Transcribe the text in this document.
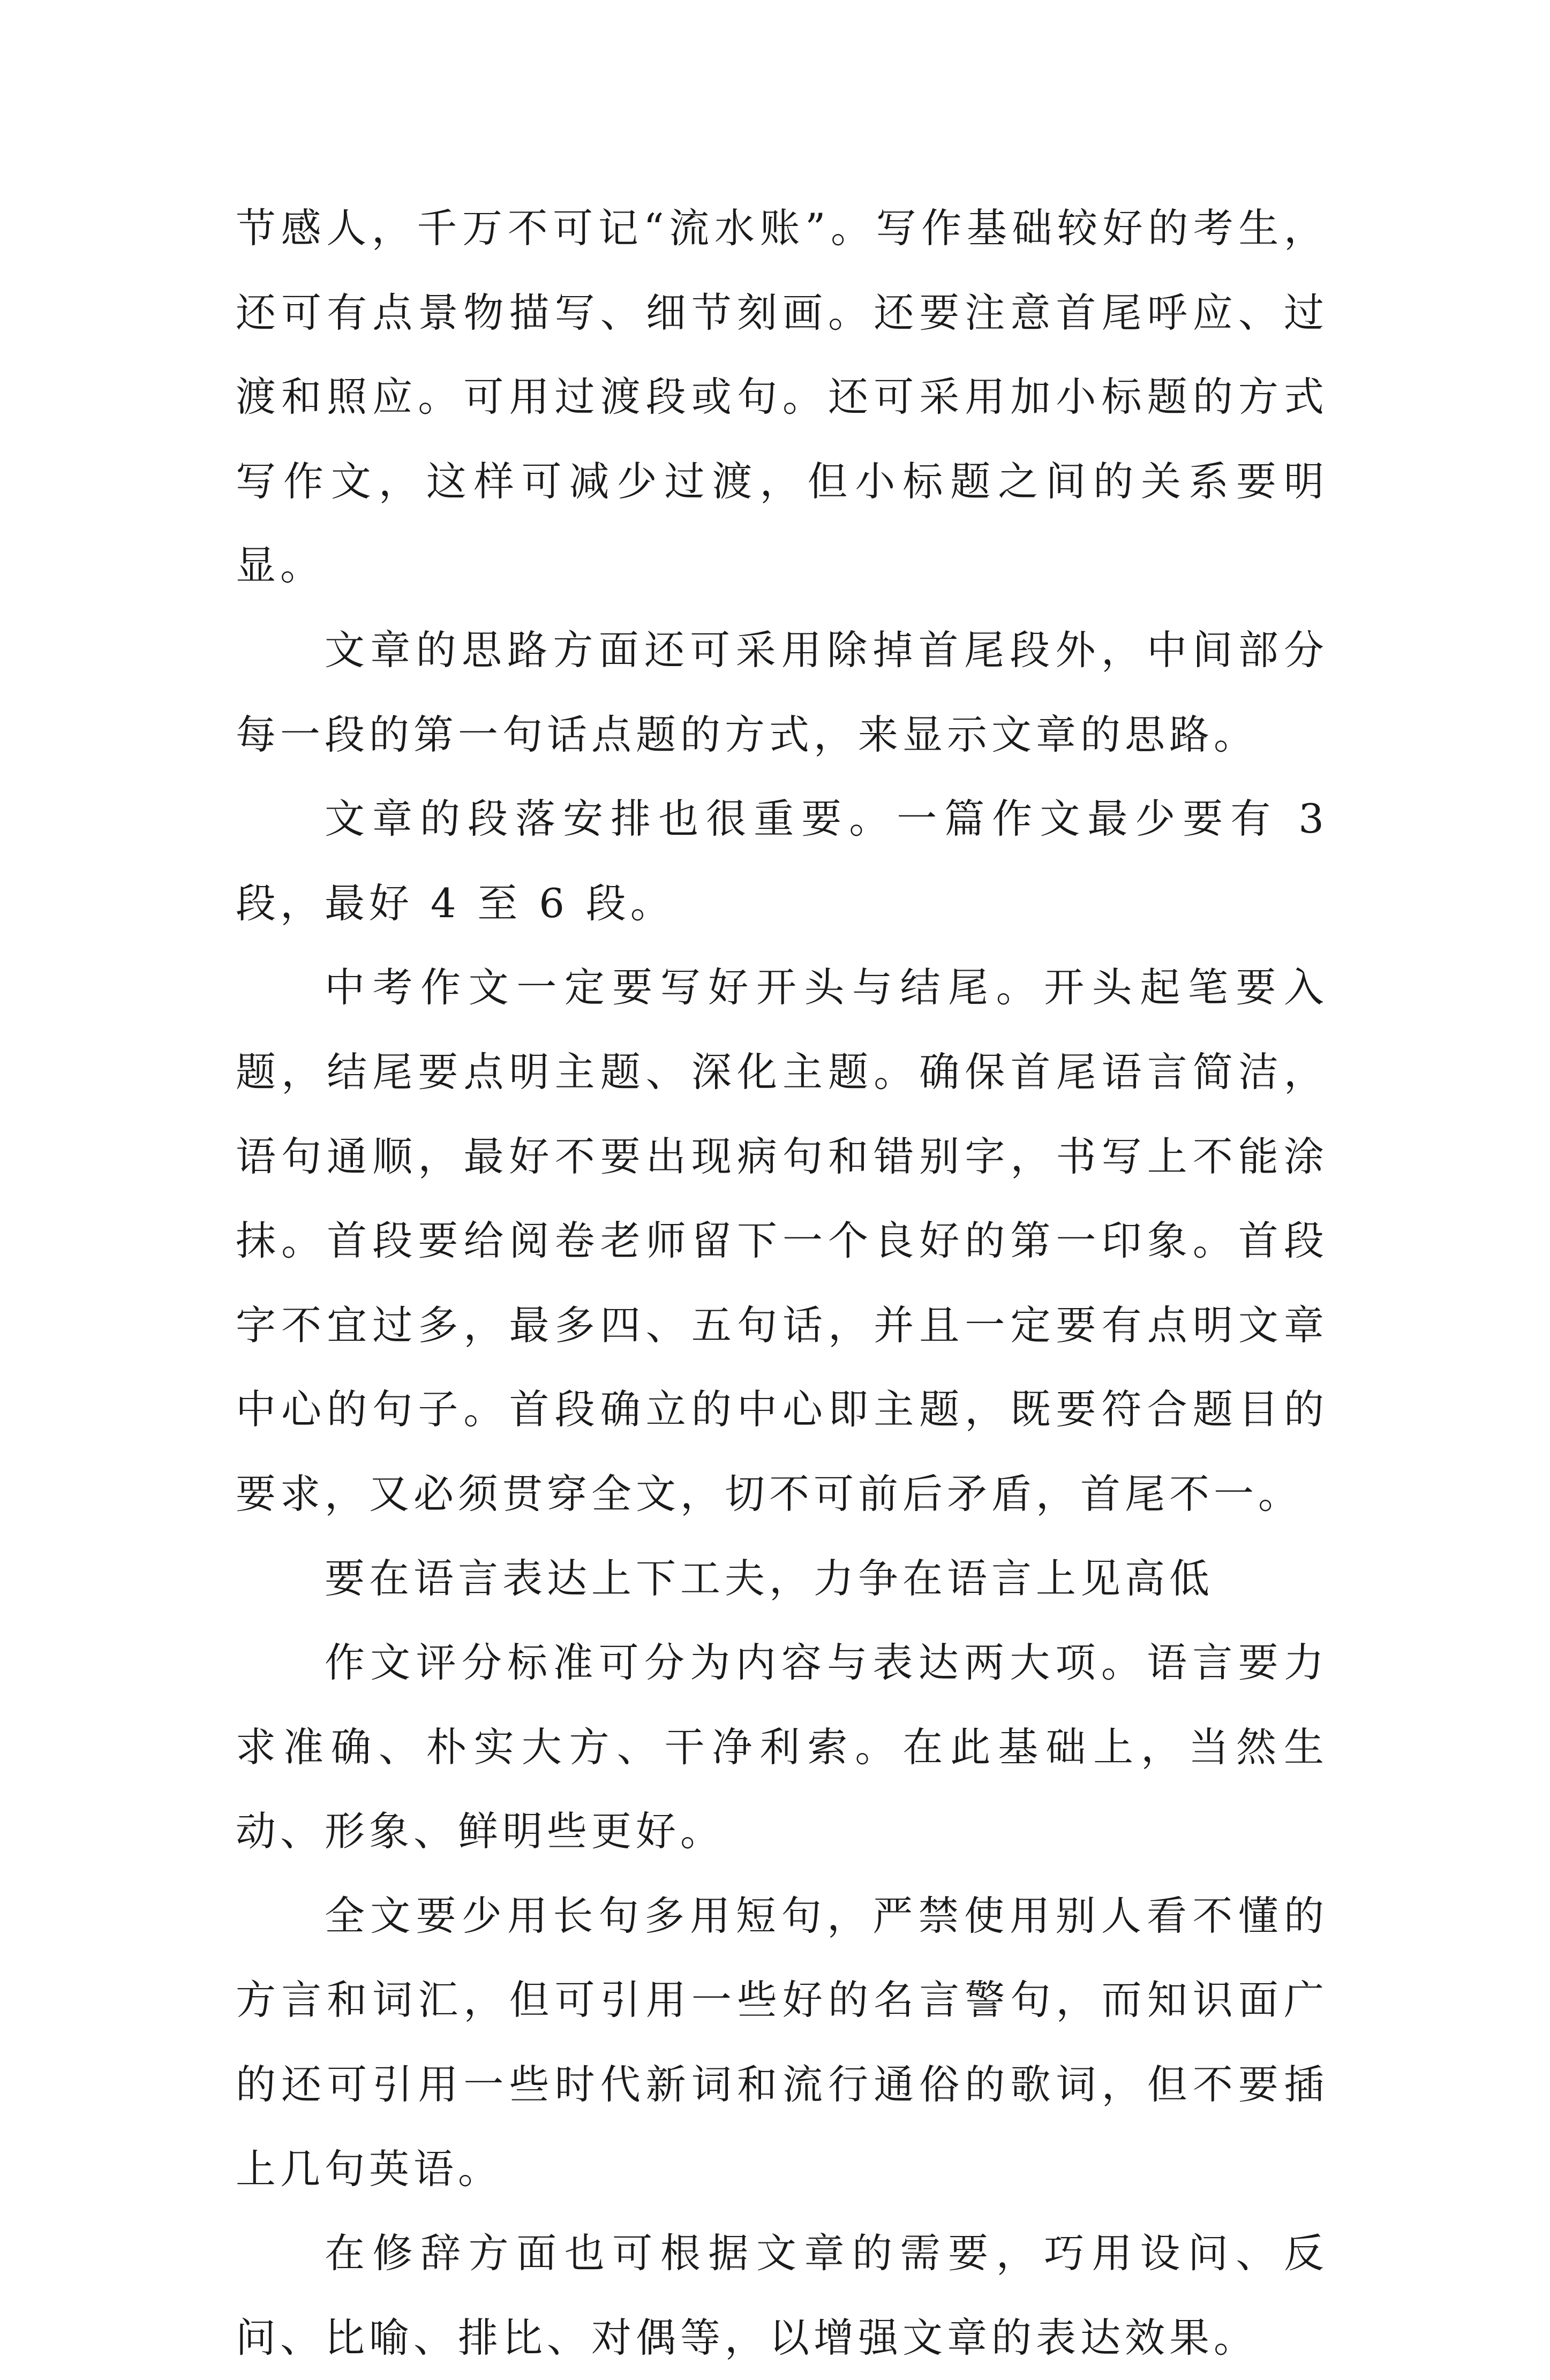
节感人，千万不可记“流水账”。写作基础较好的考生，还可有点景物描写、细节刻画。还要注意首尾呼应、过渡和照应。可用过渡段或句。还可采用加小标题的方式写作文，这样可减少过渡，但小标题之间的关系要明显。

文章的思路方面还可采用除掉首尾段外，中间部分每一段的第一句话点题的方式，来显示文章的思路。

文章的段落安排也很重要。一篇作文最少要有 3 段，最好 4 至 6 段。

中考作文一定要写好开头与结尾。开头起笔要入题，结尾要点明主题、深化主题。确保首尾语言简洁，语句通顺，最好不要出现病句和错别字，书写上不能涂抹。首段要给阅卷老师留下一个良好的第一印象。首段字不宜过多，最多四、五句话，并且一定要有点明文章中心的句子。首段确立的中心即主题，既要符合题目的要求，又必须贯穿全文，切不可前后矛盾，首尾不一。

要在语言表达上下工夫，力争在语言上见高低

作文评分标准可分为内容与表达两大项。语言要力求准确、朴实大方、干净利索。在此基础上，当然生动、形象、鲜明些更好。

全文要少用长句多用短句，严禁使用别人看不懂的方言和词汇，但可引用一些好的名言警句，而知识面广的还可引用一些时代新词和流行通俗的歌词，但不要插上几句英语。

在修辞方面也可根据文章的需要，巧用设问、反问、比喻、排比、对偶等，以增强文章的表达效果。
